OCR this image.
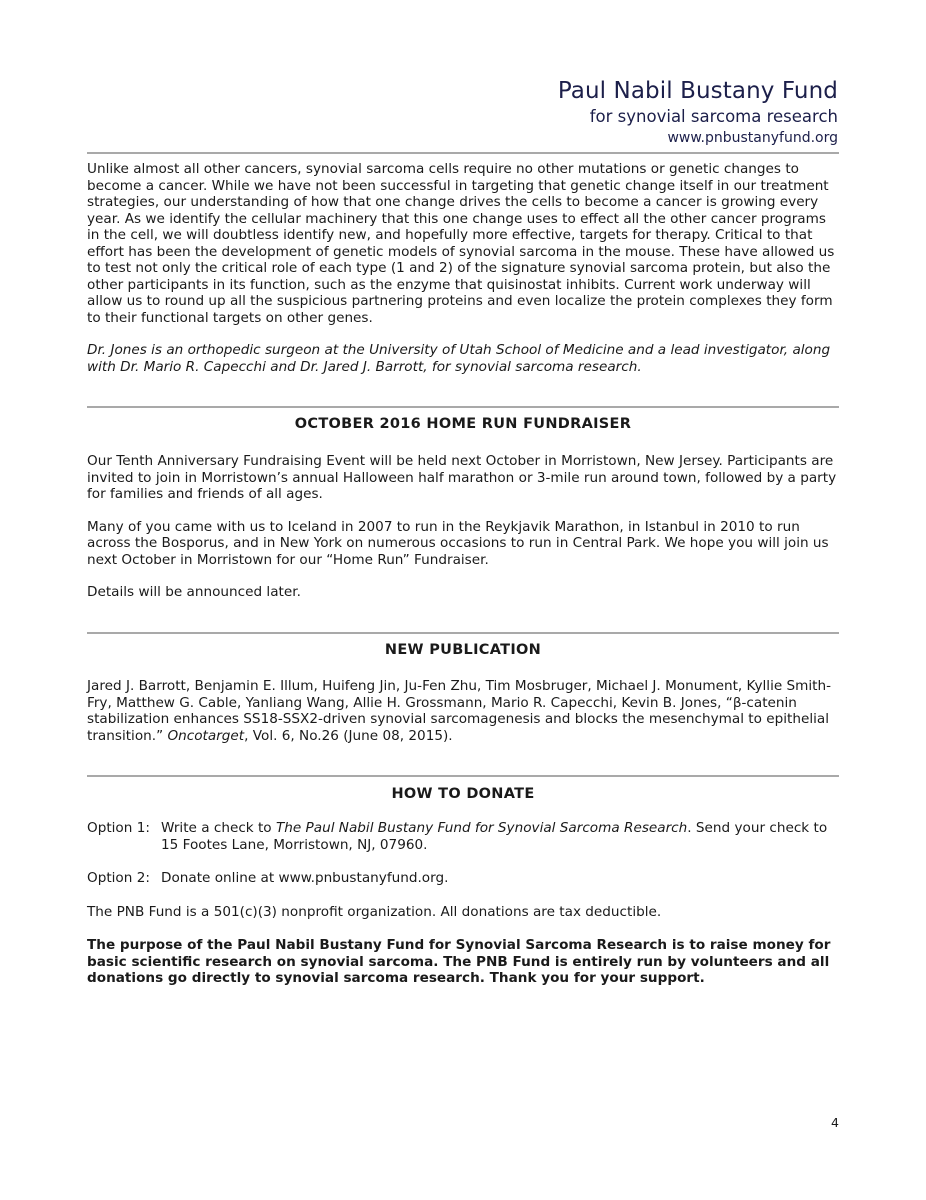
Paul Nabil Bustany Fund
for synovial sarcoma research
www.pnbustanyfund.org

Unlike almost all other cancers, synovial sarcoma cells require no other mutations or genetic changes to become a cancer. While we have not been successful in targeting that genetic change itself in our treatment strategies, our understanding of how that one change drives the cells to become a cancer is growing every year. As we identify the cellular machinery that this one change uses to effect all the other cancer programs in the cell, we will doubtless identify new, and hopefully more effective, targets for therapy. Critical to that effort has been the development of genetic models of synovial sarcoma in the mouse. These have allowed us to test not only the critical role of each type (1 and 2) of the signature synovial sarcoma protein, but also the other participants in its function, such as the enzyme that quisinostat inhibits. Current work underway will allow us to round up all the suspicious partnering proteins and even localize the protein complexes they form to their functional targets on other genes.

Dr. Jones is an orthopedic surgeon at the University of Utah School of Medicine and a lead investigator, along with Dr. Mario R. Capecchi and Dr. Jared J. Barrott, for synovial sarcoma research.

OCTOBER 2016 HOME RUN FUNDRAISER

Our Tenth Anniversary Fundraising Event will be held next October in Morristown, New Jersey. Participants are invited to join in Morristown’s annual Halloween half marathon or 3-mile run around town, followed by a party for families and friends of all ages.

Many of you came with us to Iceland in 2007 to run in the Reykjavik Marathon, in Istanbul in 2010 to run across the Bosporus, and in New York on numerous occasions to run in Central Park. We hope you will join us next October in Morristown for our “Home Run” Fundraiser.

Details will be announced later.

NEW PUBLICATION

Jared J. Barrott, Benjamin E. Illum, Huifeng Jin, Ju-Fen Zhu, Tim Mosbruger, Michael J. Monument, Kyllie Smith-Fry, Matthew G. Cable, Yanliang Wang, Allie H. Grossmann, Mario R. Capecchi, Kevin B. Jones, “β-catenin stabilization enhances SS18-SSX2-driven synovial sarcomagenesis and blocks the mesenchymal to epithelial transition.” Oncotarget, Vol. 6, No.26 (June 08, 2015).

HOW TO DONATE
Option 1: Write a check to The Paul Nabil Bustany Fund for Synovial Sarcoma Research. Send your check to 15 Footes Lane, Morristown, NJ, 07960.
Option 2: Donate online at www.pnbustanyfund.org.

The PNB Fund is a 501(c)(3) nonprofit organization. All donations are tax deductible.

The purpose of the Paul Nabil Bustany Fund for Synovial Sarcoma Research is to raise money for basic scientific research on synovial sarcoma. The PNB Fund is entirely run by volunteers and all donations go directly to synovial sarcoma research. Thank you for your support.

4
